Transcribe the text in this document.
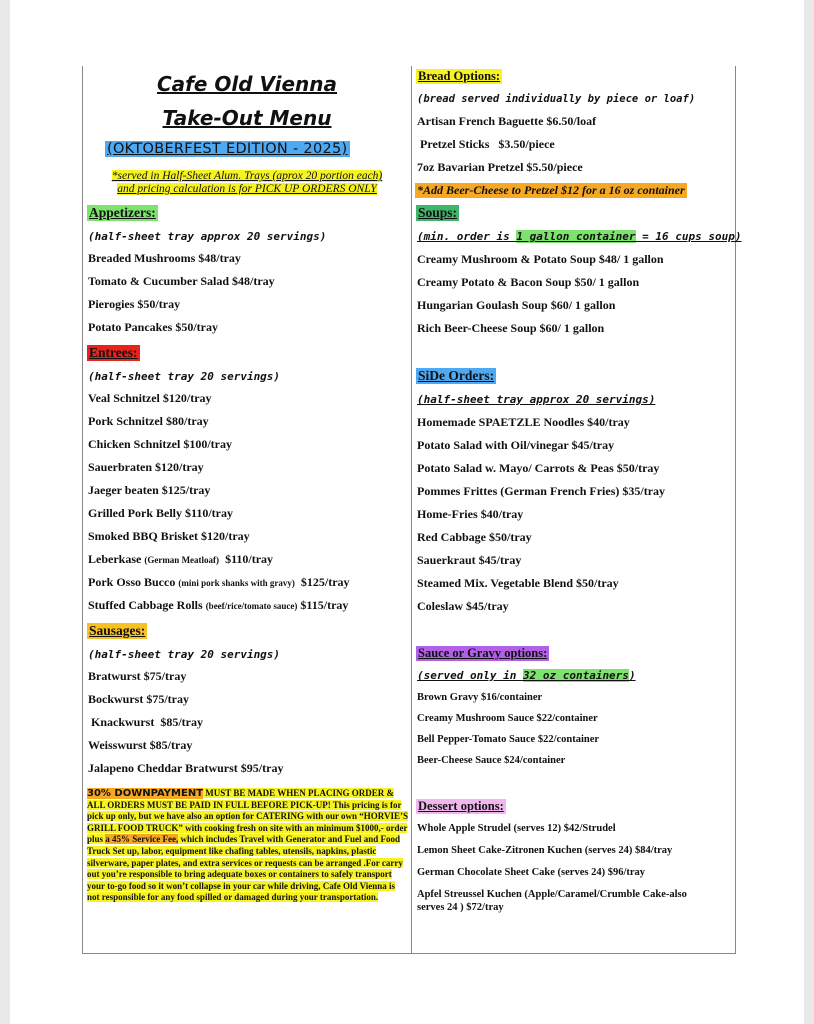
Cafe Old Vienna
Take-Out Menu
(OKTOBERFEST EDITION - 2025)
*served in Half-Sheet Alum. Trays (aprox 20 portion each)
and pricing calculation is for PICK UP ORDERS ONLY
Appetizers:
(half-sheet tray approx 20 servings)
Breaded Mushrooms $48/tray
Tomato & Cucumber Salad $48/tray
Pierogies $50/tray
Potato Pancakes $50/tray
Entrees:
(half-sheet tray 20 servings)
Veal Schnitzel $120/tray
Pork Schnitzel $80/tray
Chicken Schnitzel $100/tray
Sauerbraten $120/tray
Jaeger beaten $125/tray
Grilled Pork Belly $110/tray
Smoked BBQ Brisket $120/tray
Leberkase (German Meatloaf) $110/tray
Pork Osso Bucco (mini pork shanks with gravy) $125/tray
Stuffed Cabbage Rolls (beef/rice/tomato sauce) $115/tray
Sausages:
(half-sheet tray 20 servings)
Bratwurst $75/tray
Bockwurst $75/tray
Knackwurst  $85/tray
Weisswurst $85/tray
Jalapeno Cheddar Bratwurst $95/tray
30% DOWNPAYMENT MUST BE MADE WHEN PLACING ORDER & ALL ORDERS MUST BE PAID IN FULL BEFORE PICK-UP! This pricing is for pick up only, but we have also an option for CATERING with our own “HORVIE’S GRILL FOOD TRUCK” with cooking fresh on site with an minimum $1000,- order plus a 45% Service Fee, which includes Travel with Generator and Fuel and Food Truck Set up, labor, equipment like chafing tables, utensils, napkins, plastic silverware, paper plates, and extra services or requests can be arranged .For carry out you’re responsible to bring adequate boxes or containers to safely transport your to-go food so it won’t collapse in your car while driving, Cafe Old Vienna is not responsible for any food spilled or damaged during your transportation.
Bread Options:
(bread served individually by piece or loaf)
Artisan French Baguette $6.50/loaf
Pretzel Sticks   $3.50/piece
7oz Bavarian Pretzel $5.50/piece
*Add Beer-Cheese to Pretzel $12 for a 16 oz container
Soups:
(min. order is 1 gallon container = 16 cups soup)
Creamy Mushroom & Potato Soup $48/ 1 gallon
Creamy Potato & Bacon Soup $50/ 1 gallon
Hungarian Goulash Soup $60/ 1 gallon
Rich Beer-Cheese Soup $60/ 1 gallon
SiDe Orders:
(half-sheet tray approx 20 servings)
Homemade SPAETZLE Noodles $40/tray
Potato Salad with Oil/vinegar $45/tray
Potato Salad w. Mayo/ Carrots & Peas $50/tray
Pommes Frittes (German French Fries) $35/tray
Home-Fries $40/tray
Red Cabbage $50/tray
Sauerkraut $45/tray
Steamed Mix. Vegetable Blend $50/tray
Coleslaw $45/tray
Sauce or Gravy options:
(served only in 32 oz containers)
Brown Gravy $16/container
Creamy Mushroom Sauce $22/container
Bell Pepper-Tomato Sauce $22/container
Beer-Cheese Sauce $24/container
Dessert options:
Whole Apple Strudel (serves 12) $42/Strudel
Lemon Sheet Cake-Zitronen Kuchen (serves 24) $84/tray
German Chocolate Sheet Cake (serves 24) $96/tray
Apfel Streussel Kuchen (Apple/Caramel/Crumble Cake-also
serves 24 ) $72/tray
